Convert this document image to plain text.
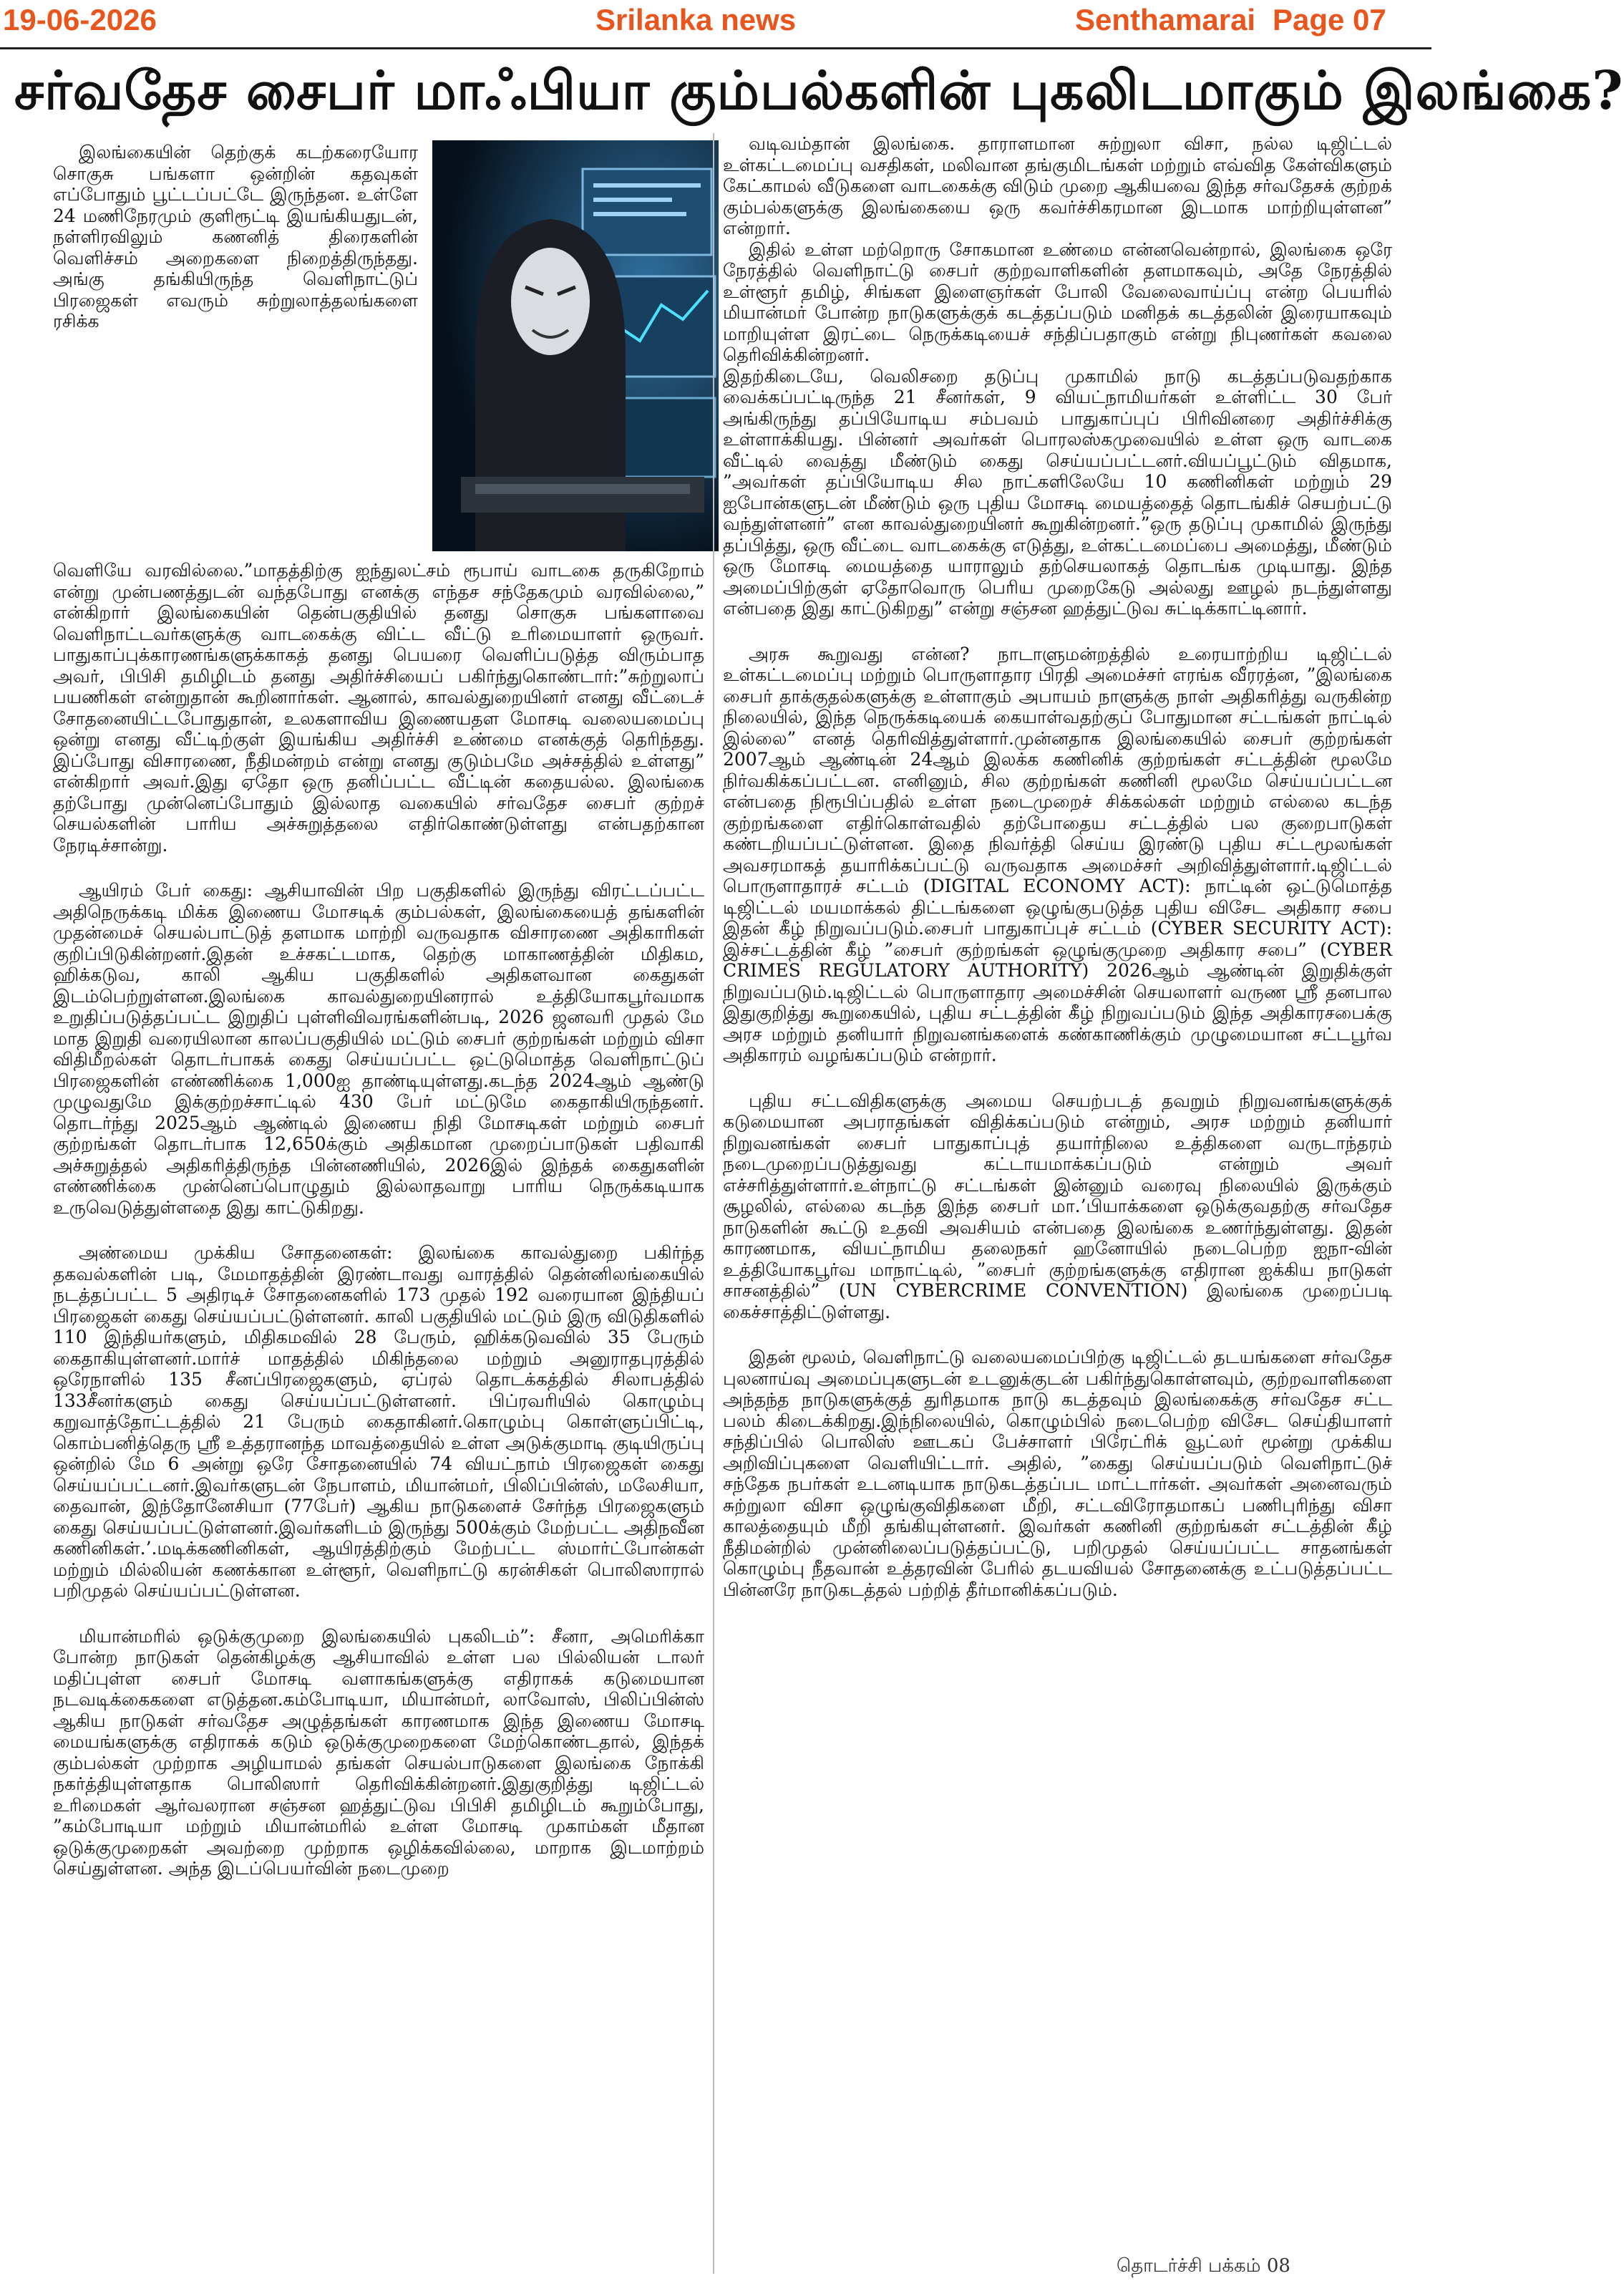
19-06-2026	Srilanka news	Senthamarai Page 07
சர்வதேச சைபர் மாஃபியா கும்பல்களின் புகலிடமாகும் இலங்கை?

இலங்கையின் தெற்குக் கடற்கரையோர சொகுசு பங்களா ஒன்றின் கதவுகள் எப்போதும் பூட்டப்பட்டே இருந்தன. உள்ளே 24 மணிநேரமும் குளிரூட்டி இயங்கியதுடன், நள்ளிரவிலும் கணனித் திரைகளின் வெளிச்சம் அறைகளை நிறைத்திருந்தது. அங்கு தங்கியிருந்த வெளிநாட்டுப் பிரஜைகள் எவரும் சுற்றுலாத்தலங்களை ரசிக்க

வெளியே வரவில்லை.”மாதத்திற்கு ஐந்துலட்சம் ரூபாய் வாடகை தருகிறோம் என்று முன்பணத்துடன் வந்தபோது எனக்கு எந்தச சந்தேகமும் வரவில்லை,” என்கிறார் இலங்கையின் தென்பகுதியில் தனது சொகுசு பங்களாவை வெளிநாட்டவர்களுக்கு வாடகைக்கு விட்ட வீட்டு உரிமையாளர் ஒருவர். பாதுகாப்புக்காரணங்களுக்காகத் தனது பெயரை வெளிப்படுத்த விரும்பாத அவர், பிபிசி தமிழிடம் தனது அதிர்ச்சியைப் பகிர்ந்துகொண்டார்:”சுற்றுலாப் பயணிகள் என்றுதான் கூறினார்கள். ஆனால், காவல்துறையினர் எனது வீட்டைச் சோதனையிட்டபோதுதான், உலகளாவிய இணையதள மோசடி வலையமைப்பு ஒன்று எனது வீட்டிற்குள் இயங்கிய அதிர்ச்சி உண்மை எனக்குத் தெரிந்தது. இப்போது விசாரணை, நீதிமன்றம் என்று எனது குடும்பமே அச்சத்தில் உள்ளது” என்கிறார் அவர்.இது ஏதோ ஒரு தனிப்பட்ட வீட்டின் கதையல்ல. இலங்கை தற்போது முன்னெப்போதும் இல்லாத வகையில் சர்வதேச சைபர் குற்றச் செயல்களின் பாரிய அச்சுறுத்தலை எதிர்கொண்டுள்ளது என்பதற்கான நேரடிச்சான்று.

ஆயிரம் பேர் கைது: ஆசியாவின் பிற பகுதிகளில் இருந்து விரட்டப்பட்ட அதிநெருக்கடி மிக்க இணைய மோசடிக் கும்பல்கள், இலங்கையைத் தங்களின் முதன்மைச் செயல்பாட்டுத் தளமாக மாற்றி வருவதாக விசாரணை அதிகாரிகள் குறிப்பிடுகின்றனர்.இதன் உச்சகட்டமாக, தெற்கு மாகாணத்தின் மிதிகம, ஹிக்கடுவ, காலி ஆகிய பகுதிகளில் அதிகளவான கைதுகள் இடம்பெற்றுள்ளன.இலங்கை காவல்துறையினரால் உத்தியோகபூர்வமாக உறுதிப்படுத்தப்பட்ட இறுதிப் புள்ளிவிவரங்களின்படி, 2026 ஜனவரி முதல் மே மாத இறுதி வரையிலான காலப்பகுதியில் மட்டும் சைபர் குற்றங்கள் மற்றும் விசா விதிமீறல்கள் தொடர்பாகக் கைது செய்யப்பட்ட ஒட்டுமொத்த வெளிநாட்டுப் பிரஜைகளின் எண்ணிக்கை 1,000ஐ தாண்டியுள்ளது.கடந்த 2024ஆம் ஆண்டு முழுவதுமே இக்குற்றச்சாட்டில் 430 பேர் மட்டுமே கைதாகியிருந்தனர். தொடர்ந்து 2025ஆம் ஆண்டில் இணைய நிதி மோசடிகள் மற்றும் சைபர் குற்றங்கள் தொடர்பாக 12,650க்கும் அதிகமான முறைப்பாடுகள் பதிவாகி அச்சுறுத்தல் அதிகரித்திருந்த பின்னணியில், 2026இல் இந்தக் கைதுகளின் எண்ணிக்கை முன்னெப்பொழுதும் இல்லாதவாறு பாரிய நெருக்கடியாக உருவெடுத்துள்ளதை இது காட்டுகிறது.

அண்மைய முக்கிய சோதனைகள்: இலங்கை காவல்துறை பகிர்ந்த தகவல்களின் படி, மேமாதத்தின் இரண்டாவது வாரத்தில் தென்னிலங்கையில் நடத்தப்பட்ட 5 அதிரடிச் சோதனைகளில் 173 முதல் 192 வரையான இந்தியப் பிரஜைகள் கைது செய்யப்பட்டுள்ளனர். காலி பகுதியில் மட்டும் இரு விடுதிகளில் 110 இந்தியர்களும், மிதிகமவில் 28 பேரும், ஹிக்கடுவவில் 35 பேரும் கைதாகியுள்ளனர்.மார்ச் மாதத்தில் மிகிந்தலை மற்றும் அனுராதபுரத்தில் ஒரேநாளில் 135 சீனப்பிரஜைகளும், ஏப்ரல் தொடக்கத்தில் சிலாபத்தில் 133சீனர்களும் கைது செய்யப்பட்டுள்ளனர். பிப்ரவரியில் கொழும்பு கறுவாத்தோட்டத்தில் 21 பேரும் கைதாகினர்.கொழும்பு கொள்ளுப்பிட்டி, கொம்பனித்தெரு ஸ்ரீ உத்தரானந்த மாவத்தையில் உள்ள அடுக்குமாடி குடியிருப்பு ஒன்றில் மே 6 அன்று ஒரே சோதனையில் 74 வியட்நாம் பிரஜைகள் கைது செய்யப்பட்டனர்.இவர்களுடன் நேபாளம், மியான்மர், பிலிப்பின்ஸ், மலேசியா, தைவான், இந்தோனேசியா (77பேர்) ஆகிய நாடுகளைச் சேர்ந்த பிரஜைகளும் கைது செய்யப்பட்டுள்ளனர்.இவர்களிடம் இருந்து 500க்கும் மேற்பட்ட அதிநவீன கணினிகள்.’.மடிக்கணினிகள், ஆயிரத்திற்கும் மேற்பட்ட ஸ்மார்ட்போன்கள் மற்றும் மில்லியன் கணக்கான உள்ளூர், வெளிநாட்டு கரன்சிகள் பொலிஸாரால் பறிமுதல் செய்யப்பட்டுள்ளன.

மியான்மரில் ஒடுக்குமுறை இலங்கையில் புகலிடம்”: சீனா, அமெரிக்கா போன்ற நாடுகள் தென்கிழக்கு ஆசியாவில் உள்ள பல பில்லியன் டாலர் மதிப்புள்ள சைபர் மோசடி வளாகங்களுக்கு எதிராகக் கடுமையான நடவடிக்கைகளை எடுத்தன.கம்போடியா, மியான்மர், லாவோஸ், பிலிப்பின்ஸ் ஆகிய நாடுகள் சர்வதேச அழுத்தங்கள் காரணமாக இந்த இணைய மோசடி மையங்களுக்கு எதிராகக் கடும் ஒடுக்குமுறைகளை மேற்கொண்டதால், இந்தக் கும்பல்கள் முற்றாக அழியாமல் தங்கள் செயல்பாடுகளை இலங்கை நோக்கி நகர்த்தியுள்ளதாக பொலிஸார் தெரிவிக்கின்றனர்.இதுகுறித்து டிஜிட்டல் உரிமைகள் ஆர்வலரான சஞ்சன ஹத்துட்டுவ பிபிசி தமிழிடம் கூறும்போது, ”கம்போடியா மற்றும் மியான்மரில் உள்ள மோசடி முகாம்கள் மீதான ஒடுக்குமுறைகள் அவற்றை முற்றாக ஒழிக்கவில்லை, மாறாக இடமாற்றம் செய்துள்ளன. அந்த இடப்பெயர்வின் நடைமுறை

வடிவம்தான் இலங்கை. தாராளமான சுற்றுலா விசா, நல்ல டிஜிட்டல் உள்கட்டமைப்பு வசதிகள், மலிவான தங்குமிடங்கள் மற்றும் எவ்வித கேள்விகளும் கேட்காமல் வீடுகளை வாடகைக்கு விடும் முறை ஆகியவை இந்த சர்வதேசக் குற்றக் கும்பல்களுக்கு இலங்கையை ஒரு கவர்ச்சிகரமான இடமாக மாற்றியுள்ளன” என்றார்.

இதில் உள்ள மற்றொரு சோகமான உண்மை என்னவென்றால், இலங்கை ஒரே நேரத்தில் வெளிநாட்டு சைபர் குற்றவாளிகளின் தளமாகவும், அதே நேரத்தில் உள்ளூர் தமிழ், சிங்கள இளைஞர்கள் போலி வேலைவாய்ப்பு என்ற பெயரில் மியான்மர் போன்ற நாடுகளுக்குக் கடத்தப்படும் மனிதக் கடத்தலின் இரையாகவும் மாறியுள்ள இரட்டை நெருக்கடியைச் சந்திப்பதாகும் என்று நிபுணர்கள் கவலை தெரிவிக்கின்றனர்.

இதற்கிடையே, வெலிசறை தடுப்பு முகாமில் நாடு கடத்தப்படுவதற்காக வைக்கப்பட்டிருந்த 21 சீனர்கள், 9 வியட்நாமியர்கள் உள்ளிட்ட 30 பேர் அங்கிருந்து தப்பியோடிய சம்பவம் பாதுகாப்புப் பிரிவினரை அதிர்ச்சிக்கு உள்ளாக்கியது. பின்னர் அவர்கள் பொரலஸ்கமுவையில் உள்ள ஒரு வாடகை வீட்டில் வைத்து மீண்டும் கைது செய்யப்பட்டனர்.வியப்பூட்டும் விதமாக, ”அவர்கள் தப்பியோடிய சில நாட்களிலேயே 10 கணினிகள் மற்றும் 29 ஐபோன்களுடன் மீண்டும் ஒரு புதிய மோசடி மையத்தைத் தொடங்கிச் செயற்பட்டு வந்துள்ளனர்” என காவல்துறையினர் கூறுகின்றனர்.”ஒரு தடுப்பு முகாமில் இருந்து தப்பித்து, ஒரு வீட்டை வாடகைக்கு எடுத்து, உள்கட்டமைப்பை அமைத்து, மீண்டும் ஒரு மோசடி மையத்தை யாராலும் தற்செயலாகத் தொடங்க முடியாது. இந்த அமைப்பிற்குள் ஏதோவொரு பெரிய முறைகேடு அல்லது ஊழல் நடந்துள்ளது என்பதை இது காட்டுகிறது” என்று சஞ்சன ஹத்துட்டுவ சுட்டிக்காட்டினார்.

அரசு கூறுவது என்ன? நாடாளுமன்றத்தில் உரையாற்றிய டிஜிட்டல் உள்கட்டமைப்பு மற்றும் பொருளாதார பிரதி அமைச்சர் எரங்க வீரரத்ன, ”இலங்கை சைபர் தாக்குதல்களுக்கு உள்ளாகும் அபாயம் நாளுக்கு நாள் அதிகரித்து வருகின்ற நிலையில், இந்த நெருக்கடியைக் கையாள்வதற்குப் போதுமான சட்டங்கள் நாட்டில் இல்லை” எனத் தெரிவித்துள்ளார்.முன்னதாக இலங்கையில் சைபர் குற்றங்கள் 2007ஆம் ஆண்டின் 24ஆம் இலக்க கணினிக் குற்றங்கள் சட்டத்தின் மூலமே நிர்வகிக்கப்பட்டன. எனினும், சில குற்றங்கள் கணினி மூலமே செய்யப்பட்டன என்பதை நிரூபிப்பதில் உள்ள நடைமுறைச் சிக்கல்கள் மற்றும் எல்லை கடந்த குற்றங்களை எதிர்கொள்வதில் தற்போதைய சட்டத்தில் பல குறைபாடுகள் கண்டறியப்பட்டுள்ளன. இதை நிவர்த்தி செய்ய இரண்டு புதிய சட்டமூலங்கள் அவசரமாகத் தயாரிக்கப்பட்டு வருவதாக அமைச்சர் அறிவித்துள்ளார்.டிஜிட்டல் பொருளாதாரச் சட்டம் (DIGITAL ECONOMY ACT): நாட்டின் ஒட்டுமொத்த டிஜிட்டல் மயமாக்கல் திட்டங்களை ஒழுங்குபடுத்த புதிய விசேட அதிகார சபை இதன் கீழ் நிறுவப்படும்.சைபர் பாதுகாப்புச் சட்டம் (CYBER SECURITY ACT): இச்சட்டத்தின் கீழ் ”சைபர் குற்றங்கள் ஒழுங்குமுறை அதிகார சபை” (CYBER CRIMES REGULATORY AUTHORITY) 2026ஆம் ஆண்டின் இறுதிக்குள் நிறுவப்படும்.டிஜிட்டல் பொருளாதார அமைச்சின் செயலாளர் வருண ஸ்ரீ தனபால இதுகுறித்து கூறுகையில், புதிய சட்டத்தின் கீழ் நிறுவப்படும் இந்த அதிகாரசபைக்கு அரச மற்றும் தனியார் நிறுவனங்களைக் கண்காணிக்கும் முழுமையான சட்டபூர்வ அதிகாரம் வழங்கப்படும் என்றார்.

புதிய சட்டவிதிகளுக்கு அமைய செயற்படத் தவறும் நிறுவனங்களுக்குக் கடுமையான அபராதங்கள் விதிக்கப்படும் என்றும், அரச மற்றும் தனியார் நிறுவனங்கள் சைபர் பாதுகாப்புத் தயார்நிலை உத்திகளை வருடாந்தரம் நடைமுறைப்படுத்துவது கட்டாயமாக்கப்படும் என்றும் அவர் எச்சரித்துள்ளார்.உள்நாட்டு சட்டங்கள் இன்னும் வரைவு நிலையில் இருக்கும் சூழலில், எல்லை கடந்த இந்த சைபர் மா.’பியாக்களை ஒடுக்குவதற்கு சர்வதேச நாடுகளின் கூட்டு உதவி அவசியம் என்பதை இலங்கை உணர்ந்துள்ளது. இதன் காரணமாக, வியட்நாமிய தலைநகர் ஹனோயில் நடைபெற்ற ஐநா-வின் உத்தியோகபூர்வ மாநாட்டில், ”சைபர் குற்றங்களுக்கு எதிரான ஐக்கிய நாடுகள் சாசனத்தில்” (UN CYBERCRIME CONVENTION) இலங்கை முறைப்படி கைச்சாத்திட்டுள்ளது.

இதன் மூலம், வெளிநாட்டு வலையமைப்பிற்கு டிஜிட்டல் தடயங்களை சர்வதேச புலனாய்வு அமைப்புகளுடன் உடனுக்குடன் பகிர்ந்துகொள்ளவும், குற்றவாளிகளை அந்தந்த நாடுகளுக்குத் துரிதமாக நாடு கடத்தவும் இலங்கைக்கு சர்வதேச சட்ட பலம் கிடைக்கிறது.இந்நிலையில், கொழும்பில் நடைபெற்ற விசேட செய்தியாளர் சந்திப்பில் பொலிஸ் ஊடகப் பேச்சாளர் பிரேட்ரிக் வூட்லர் மூன்று முக்கிய அறிவிப்புகளை வெளியிட்டார். அதில், ”கைது செய்யப்படும் வெளிநாட்டுச் சந்தேக நபர்கள் உடனடியாக நாடுகடத்தப்பட மாட்டார்கள். அவர்கள் அனைவரும் சுற்றுலா விசா ஒழுங்குவிதிகளை மீறி, சட்டவிரோதமாகப் பணிபுரிந்து விசா காலத்தையும் மீறி தங்கியுள்ளனர். இவர்கள் கணினி குற்றங்கள் சட்டத்தின் கீழ் நீதிமன்றில் முன்னிலைப்படுத்தப்பட்டு, பறிமுதல் செய்யப்பட்ட சாதனங்கள் கொழும்பு நீதவான் உத்தரவின் பேரில் தடயவியல் சோதனைக்கு உட்படுத்தப்பட்ட பின்னரே நாடுகடத்தல் பற்றித் தீர்மானிக்கப்படும்.

தொடர்ச்சி பக்கம் 08
